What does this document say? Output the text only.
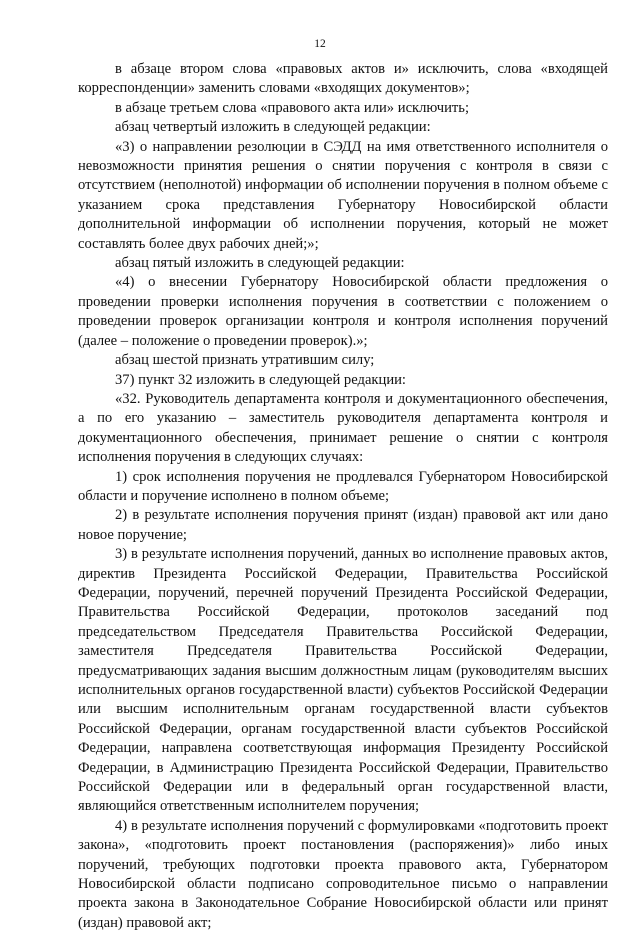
12

в абзаце втором слова «правовых актов и» исключить, слова «входящей корреспонденции» заменить словами «входящих документов»;

в абзаце третьем слова «правового акта или» исключить;

абзац четвертый изложить в следующей редакции:

«3) о направлении резолюции в СЭДД на имя ответственного исполнителя о невозможности принятия решения о снятии поручения с контроля в связи с отсутствием (неполнотой) информации об исполнении поручения в полном объеме с указанием срока представления Губернатору Новосибирской области дополнительной информации об исполнении поручения, который не может составлять более двух рабочих дней;»;

абзац пятый изложить в следующей редакции:

«4) о внесении Губернатору Новосибирской области предложения о проведении проверки исполнения поручения в соответствии с положением о проведении проверок организации контроля и контроля исполнения поручений (далее – положение о проведении проверок).»;

абзац шестой признать утратившим силу;

37) пункт 32 изложить в следующей редакции:

«32. Руководитель департамента контроля и документационного обеспечения, а по его указанию – заместитель руководителя департамента контроля и документационного обеспечения, принимает решение о снятии с контроля исполнения поручения в следующих случаях:

1) срок исполнения поручения не продлевался Губернатором Новосибирской области и поручение исполнено в полном объеме;

2) в результате исполнения поручения принят (издан) правовой акт или дано новое поручение;

3) в результате исполнения поручений, данных во исполнение правовых актов, директив Президента Российской Федерации, Правительства Российской Федерации, поручений, перечней поручений Президента Российской Федерации, Правительства Российской Федерации, протоколов заседаний под председательством Председателя Правительства Российской Федерации, заместителя Председателя Правительства Российской Федерации, предусматривающих задания высшим должностным лицам (руководителям высших исполнительных органов государственной власти) субъектов Российской Федерации или высшим исполнительным органам государственной власти субъектов Российской Федерации, органам государственной власти субъектов Российской Федерации, направлена соответствующая информация Президенту Российской Федерации, в Администрацию Президента Российской Федерации, Правительство Российской Федерации или в федеральный орган государственной власти, являющийся ответственным исполнителем поручения;

4) в результате исполнения поручений с формулировками «подготовить проект закона», «подготовить проект постановления (распоряжения)» либо иных поручений, требующих подготовки проекта правового акта, Губернатором Новосибирской области подписано сопроводительное письмо о направлении проекта закона в Законодательное Собрание Новосибирской области или принят (издан) правовой акт;
